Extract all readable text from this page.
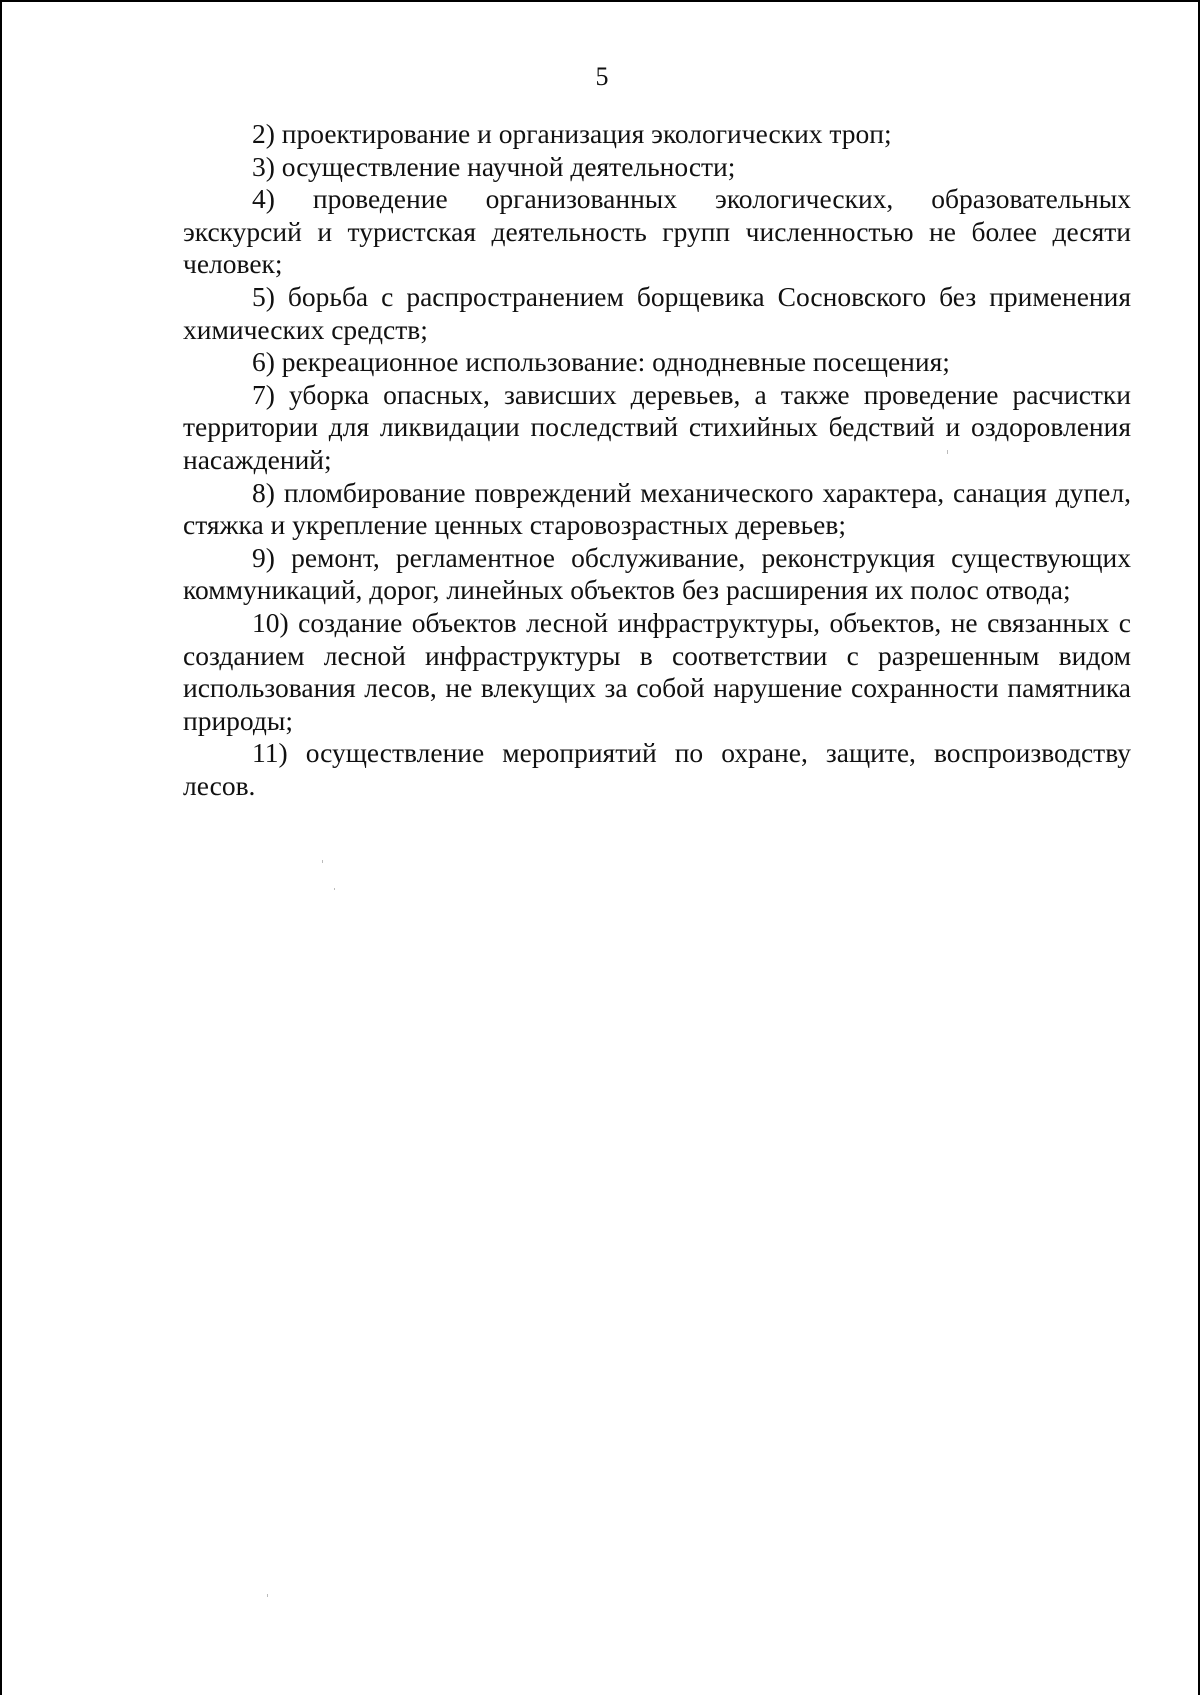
5

2) проектирование и организация экологических троп;

3) осуществление научной деятельности;

4) проведение организованных экологических, образовательных экскурсий и туристская деятельность групп численностью не более десяти человек;

5) борьба с распространением борщевика Сосновского без применения химических средств;

6) рекреационное использование: однодневные посещения;

7) уборка опасных, зависших деревьев, а также проведение расчистки территории для ликвидации последствий стихийных бедствий и оздоровления насаждений;

8) пломбирование повреждений механического характера, санация дупел, стяжка и укрепление ценных старовозрастных деревьев;

9) ремонт, регламентное обслуживание, реконструкция существующих коммуникаций, дорог, линейных объектов без расширения их полос отвода;

10) создание объектов лесной инфраструктуры, объектов, не связанных с созданием лесной инфраструктуры в соответствии с разрешенным видом использования лесов, не влекущих за собой нарушение сохранности памятника природы;

11) осуществление мероприятий по охране, защите, воспроизводству лесов.
